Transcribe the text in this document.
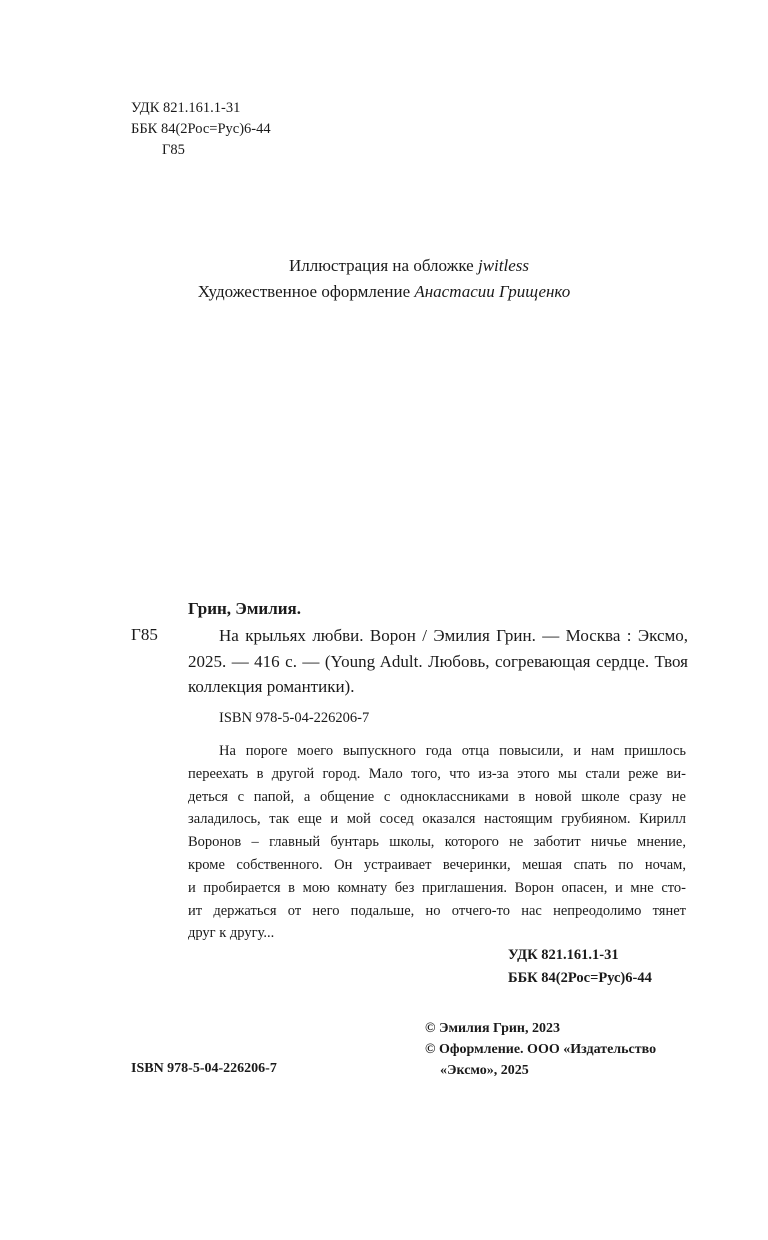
УДК 821.161.1-31
ББК 84(2Рос=Рус)6-44
Г85
Иллюстрация на обложке jwitless
Художественное оформление Анастасии Грищенко
Грин, Эмилия.
Г85	На крыльях любви. Ворон / Эмилия Грин. — Москва : Эксмо, 2025. — 416 с. — (Young Adult. Любовь, согревающая сердце. Твоя коллекция романтики).
ISBN 978-5-04-226206-7
На пороге моего выпускного года отца повысили, и нам пришлось
переехать в другой город. Мало того, что из-за этого мы стали реже ви-
деться с папой, а общение с одноклассниками в новой школе сразу не
заладилось, так еще и мой сосед оказался настоящим грубияном. Кирилл
Воронов – главный бунтарь школы, которого не заботит ничье мнение,
кроме собственного. Он устраивает вечеринки, мешая спать по ночам,
и пробирается в мою комнату без приглашения. Ворон опасен, и мне сто-
ит держаться от него подальше, но отчего-то нас непреодолимо тянет
друг к другу...
УДК 821.161.1-31
ББК 84(2Рос=Рус)6-44
© Эмилия Грин, 2023
© Оформление. ООО «Издательство
«Эксмо», 2025
ISBN 978-5-04-226206-7
